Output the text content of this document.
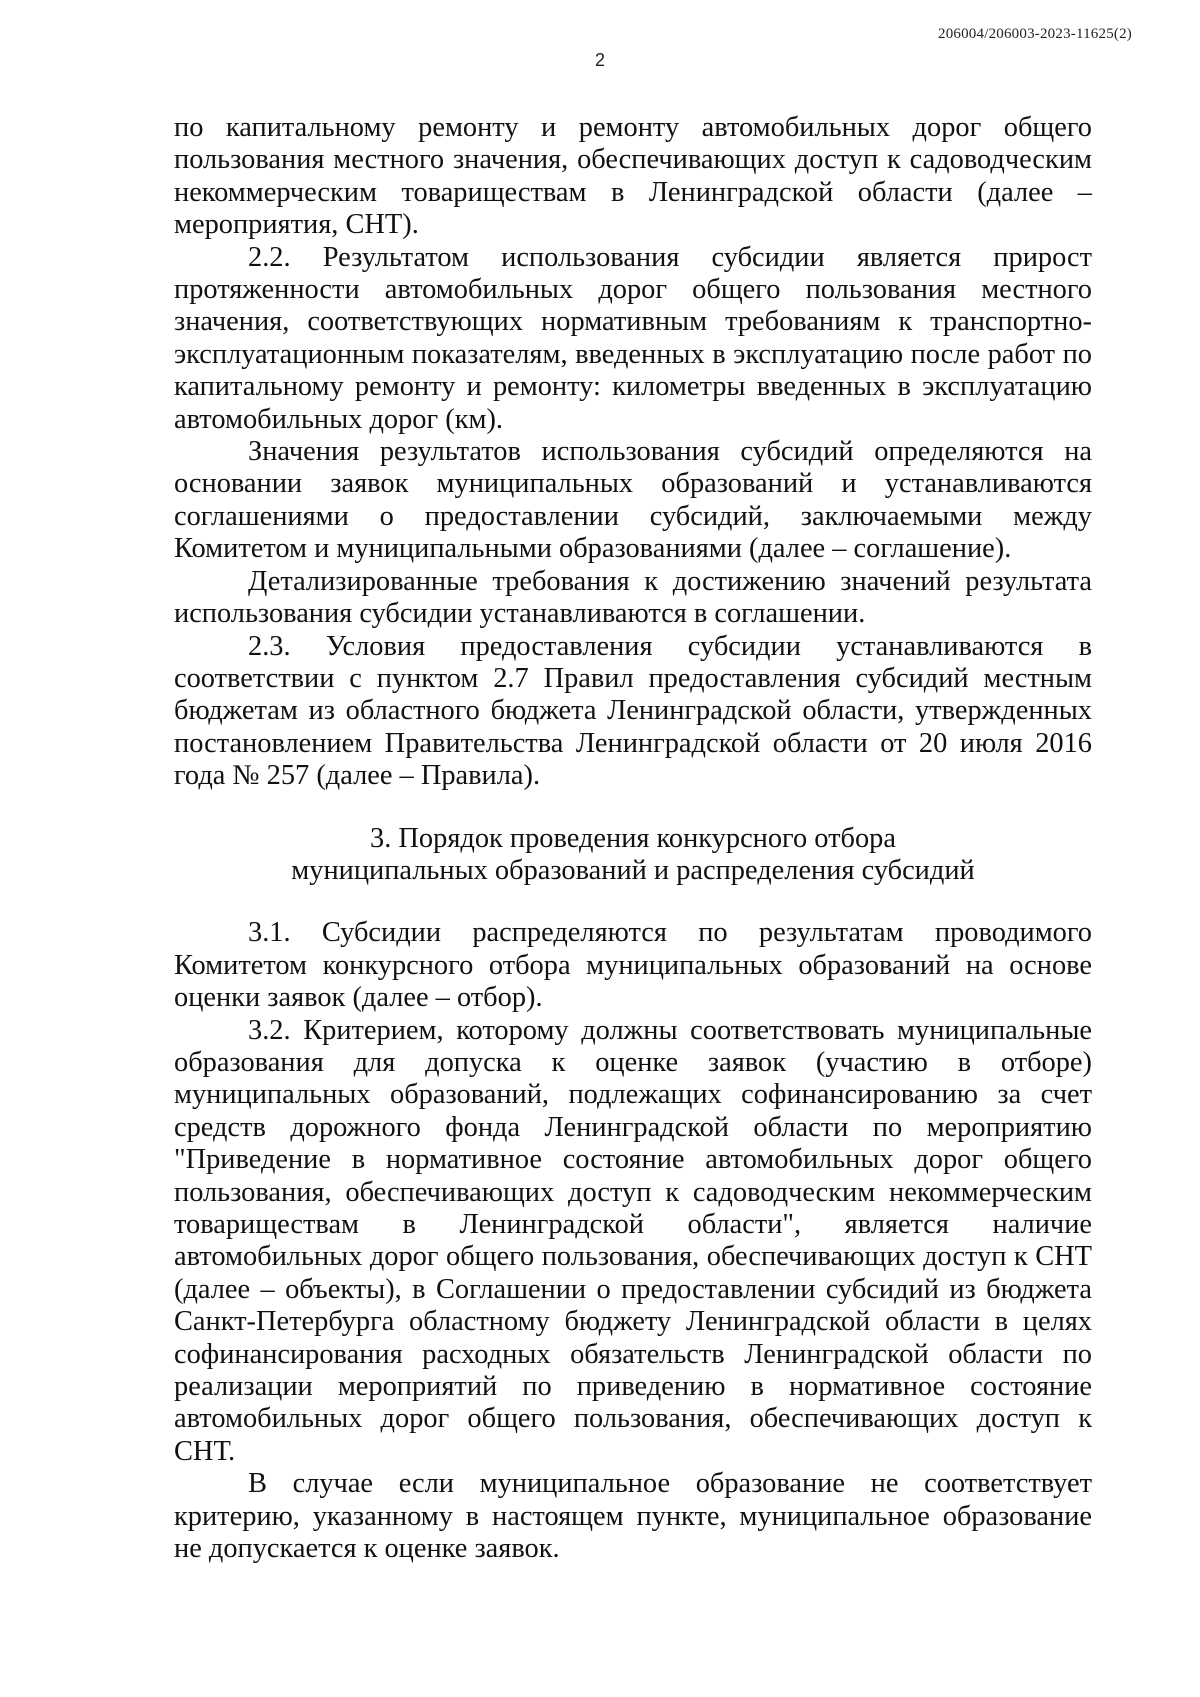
206004/206003-2023-11625(2)
2

по капитальному ремонту и ремонту автомобильных дорог общего пользования местного значения, обеспечивающих доступ к садоводческим некоммерческим товариществам в Ленинградской области (далее – мероприятия, СНТ).

2.2. Результатом использования субсидии является прирост протяженности автомобильных дорог общего пользования местного значения, соответствующих нормативным требованиям к транспортно-эксплуатационным показателям, введенных в эксплуатацию после работ по капитальному ремонту и ремонту: километры введенных в эксплуатацию автомобильных дорог (км).

Значения результатов использования субсидий определяются на основании заявок муниципальных образований и устанавливаются соглашениями о предоставлении субсидий, заключаемыми между Комитетом и муниципальными образованиями (далее – соглашение).

Детализированные требования к достижению значений результата использования субсидии устанавливаются в соглашении.

2.3. Условия предоставления субсидии устанавливаются в соответствии с пунктом 2.7 Правил предоставления субсидий местным бюджетам из областного бюджета Ленинградской области, утвержденных постановлением Правительства Ленинградской области от 20 июля 2016 года № 257 (далее – Правила).

3. Порядок проведения конкурсного отбора
муниципальных образований и распределения субсидий

3.1. Субсидии распределяются по результатам проводимого Комитетом конкурсного отбора муниципальных образований на основе оценки заявок (далее – отбор).

3.2. Критерием, которому должны соответствовать муниципальные образования для допуска к оценке заявок (участию в отборе) муниципальных образований, подлежащих софинансированию за счет средств дорожного фонда Ленинградской области по мероприятию "Приведение в нормативное состояние автомобильных дорог общего пользования, обеспечивающих доступ к садоводческим некоммерческим товариществам в Ленинградской области", является наличие автомобильных дорог общего пользования, обеспечивающих доступ к СНТ (далее – объекты), в Соглашении о предоставлении субсидий из бюджета Санкт-Петербурга областному бюджету Ленинградской области в целях софинансирования расходных обязательств Ленинградской области по реализации мероприятий по приведению в нормативное состояние автомобильных дорог общего пользования, обеспечивающих доступ к СНТ.

В случае если муниципальное образование не соответствует критерию, указанному в настоящем пункте, муниципальное образование не допускается к оценке заявок.
